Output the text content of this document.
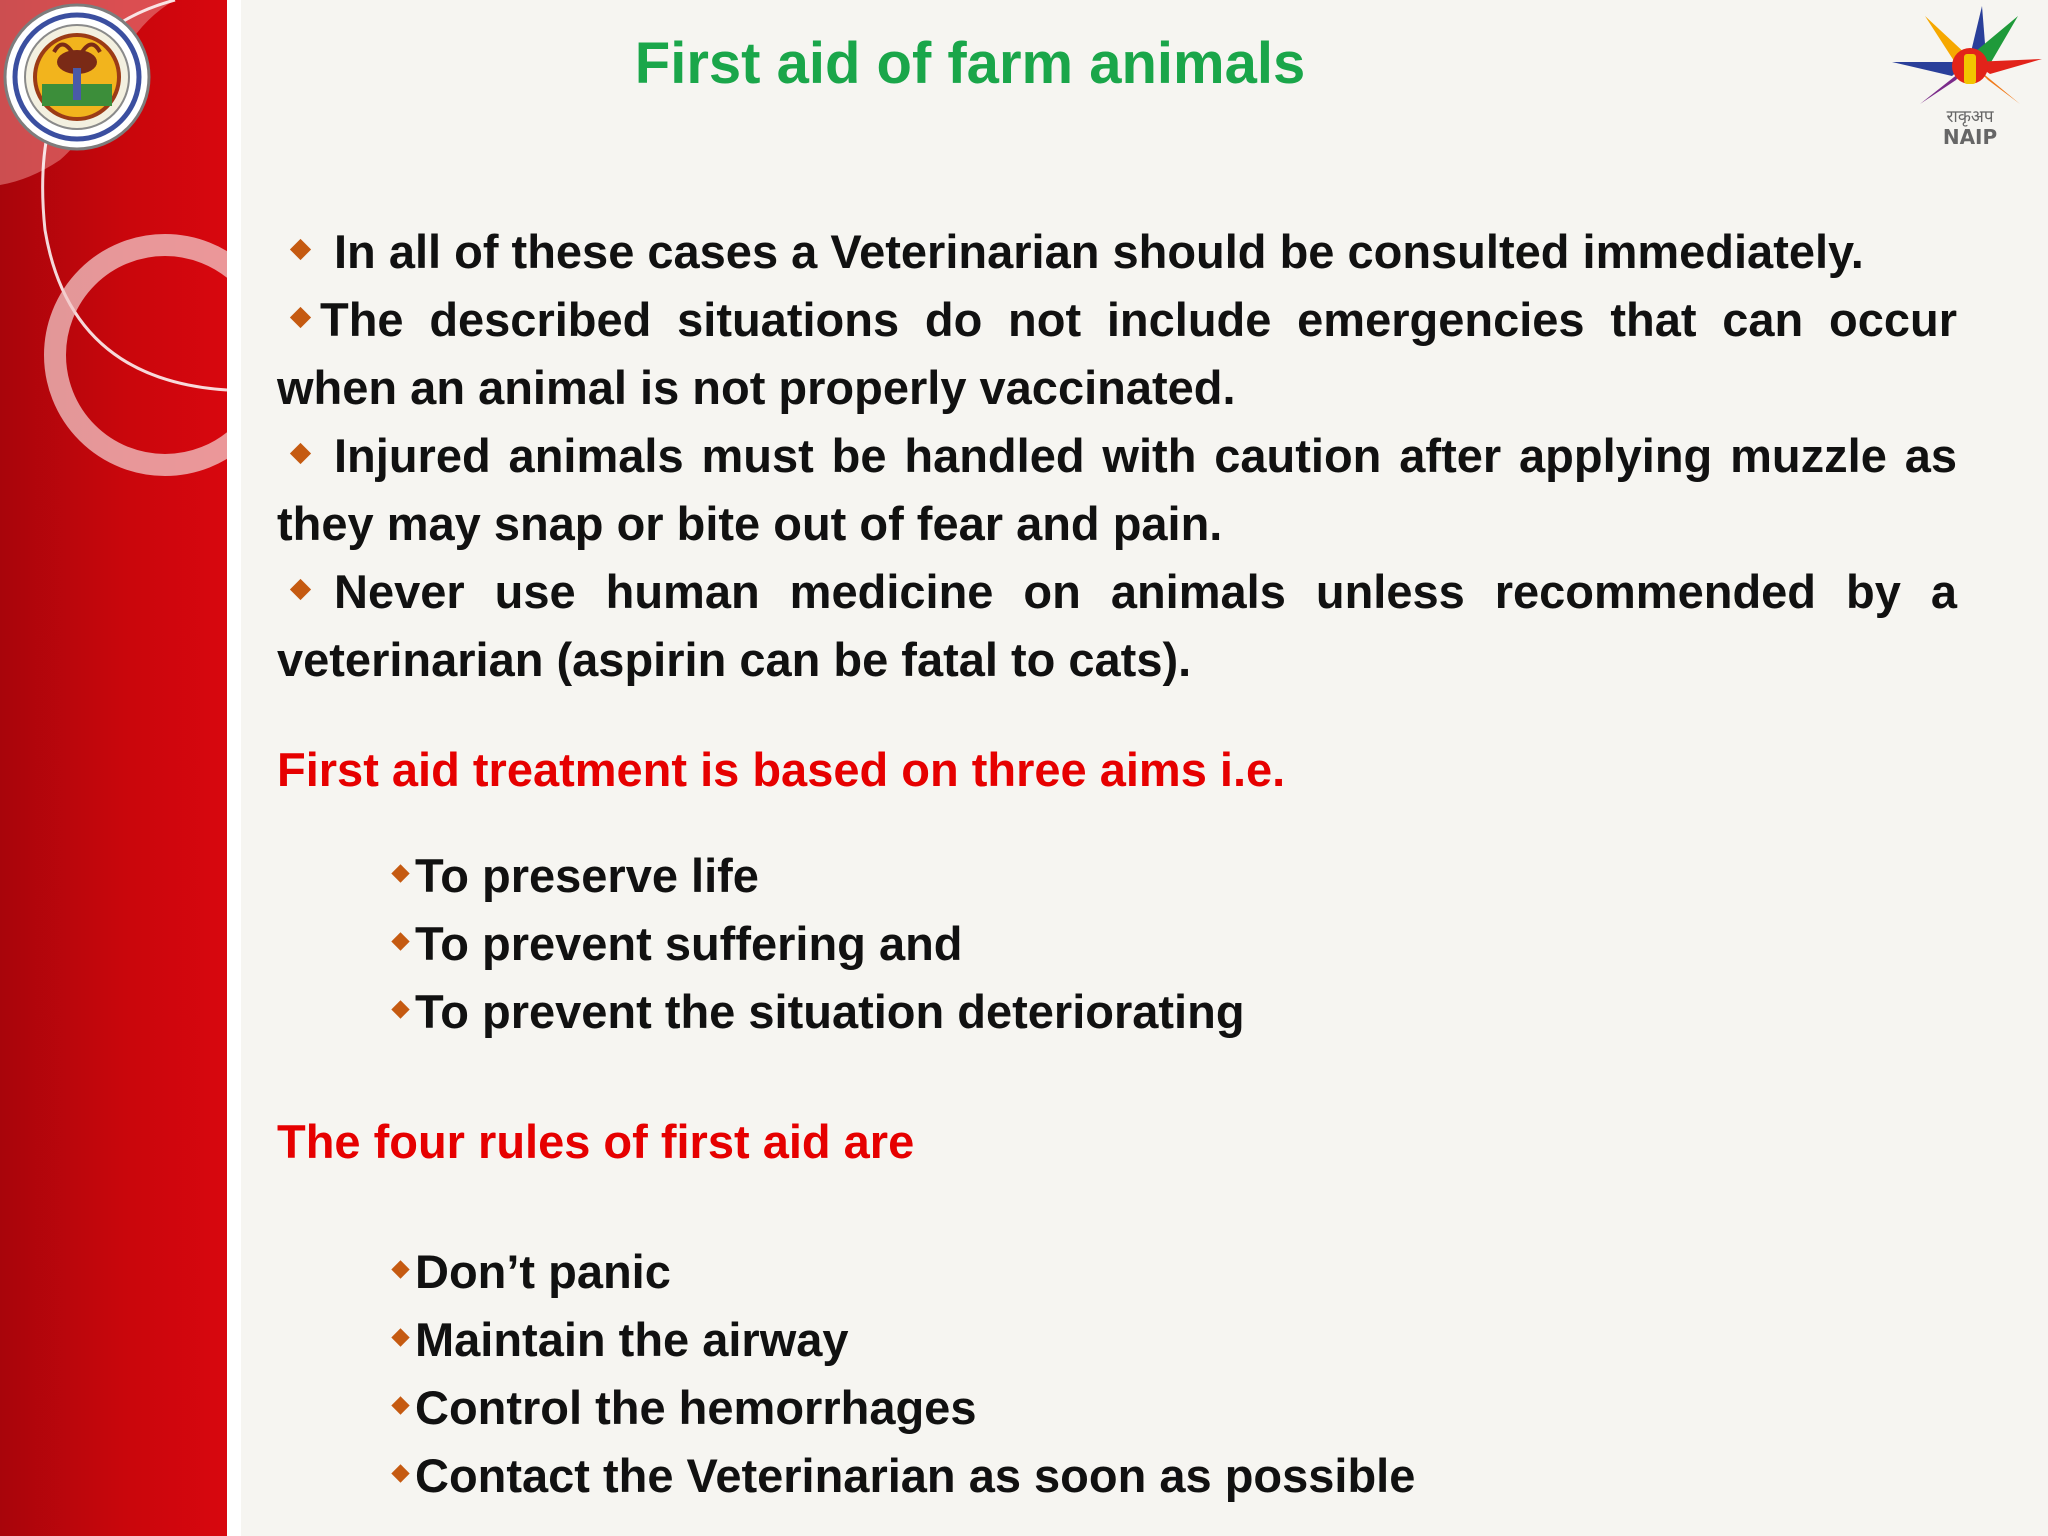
राकृअप
NAIP
First aid of farm animals

In all of these cases a Veterinarian should be consulted immediately.

The described situations do not include emergencies that can occur when an animal is not properly vaccinated.

Injured animals must be handled with caution after applying muzzle as they may snap or bite out of fear and pain.

Never use human medicine on animals unless recommended by a veterinarian (aspirin can be fatal to cats).

First aid treatment is based on three aims i.e.

To preserve life
To prevent suffering and
To prevent the situation deteriorating

The four rules of first aid are

Don’t panic
Maintain the airway
Control the hemorrhages
Contact the Veterinarian as soon as possible
